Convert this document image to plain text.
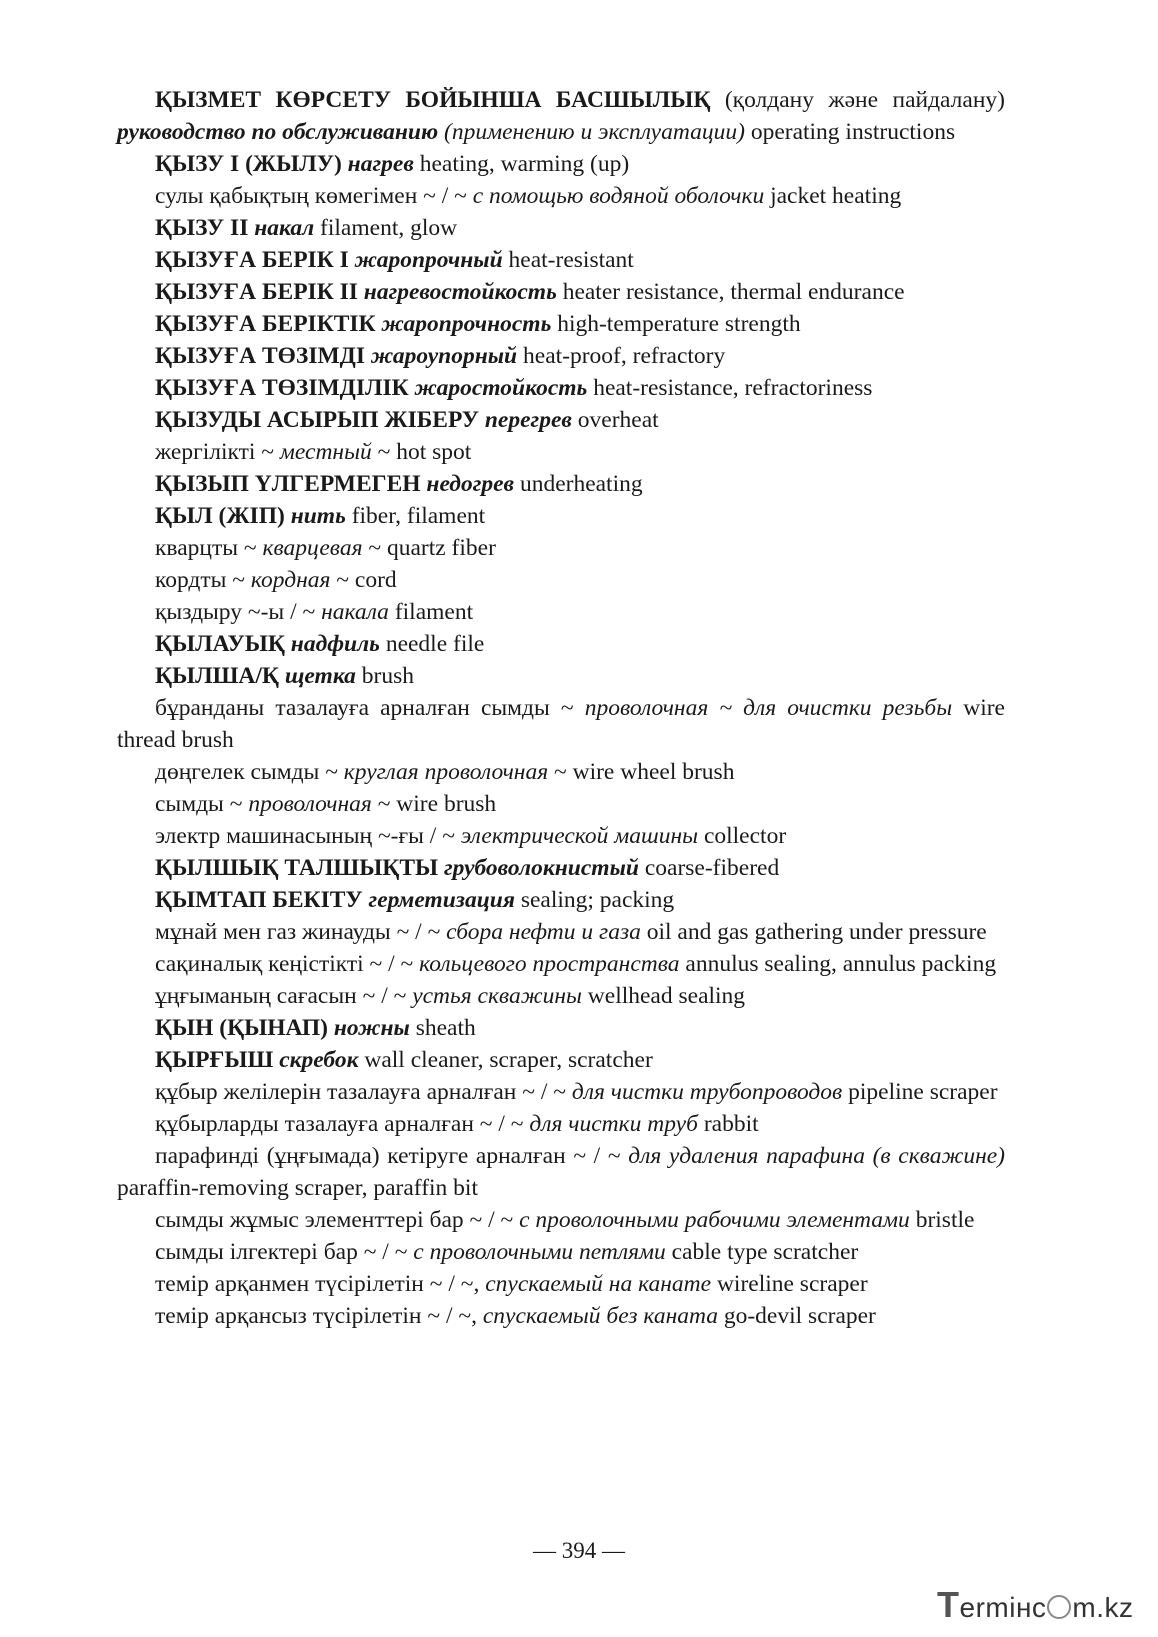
ҚЫЗМЕТ КӨРСЕТУ БОЙЫНША БАСШЫЛЫҚ (қолдану және пайдалану) руководство по обслуживанию (применению и эксплуатации) operating instructions
ҚЫЗУ I (ЖЫЛУ) нагрев heating, warming (up)
сулы қабықтың көмегімен ~ / ~ с помощью водяной оболочки jacket heating
ҚЫЗУ II накал filament, glow
ҚЫЗУҒА БЕРІК I жаропрочный heat-resistant
ҚЫЗУҒА БЕРІК II нагревостойкость heater resistance, thermal endurance
ҚЫЗУҒА БЕРІКТІК жаропрочность high-temperature strength
ҚЫЗУҒА ТӨЗІМДІ жароупорный heat-proof, refractory
ҚЫЗУҒА ТӨЗІМДІЛІК жаростойкость heat-resistance, refractoriness
ҚЫЗУДЫ АСЫРЫП ЖІБЕРУ перегрев overheat
жергілікті ~ местный ~ hot spot
ҚЫЗЫП ҮЛГЕРМЕГЕН недогрев underheating
ҚЫЛ (ЖІП) нить fiber, filament
кварцты ~ кварцевая ~ quartz fiber
кордты ~ кордная ~ cord
қыздыру ~-ы / ~ накала filament
ҚЫЛАУЫҚ надфиль needle file
ҚЫЛША/Қ щетка brush
бұранданы тазалауға арналған сымды ~ проволочная ~ для очистки резьбы wire thread brush
дөңгелек сымды ~ круглая проволочная ~ wire wheel brush
сымды ~ проволочная ~ wire brush
электр машинасының ~-ғы / ~ электрической машины collector
ҚЫЛШЫҚ ТАЛШЫҚТЫ грубоволокнистый coarse-fibered
ҚЫМТАП БЕКІТУ герметизация sealing; packing
мұнай мен газ жинауды ~ / ~ сбора нефти и газа oil and gas gathering under pressure
сақиналық кеңістікті ~ / ~ кольцевого пространства annulus sealing, annulus packing
ұңғыманың сағасын ~ / ~ устья скважины wellhead sealing
ҚЫН (ҚЫНАП) ножны sheath
ҚЫРҒЫШ скребок wall cleaner, scraper, scratcher
құбыр желілерін тазалауға арналған ~ / ~ для чистки трубопроводов pipeline scraper
құбырларды тазалауға арналған ~ / ~ для чистки труб rabbit
парафинді (ұңғымада) кетіруге арналған ~ / ~ для удаления парафина (в скважине) paraffin-removing scraper, paraffin bit
сымды жұмыс элементтері бар ~ / ~ с проволочными рабочими элементами bristle
сымды ілгектері бар ~ / ~ с проволочными петлями cable type scratcher
темір арқанмен түсірілетін ~ / ~, спускаемый на канате wireline scraper
темір арқансыз түсірілетін ~ / ~, спускаемый без каната go-devil scraper
— 394 —
Termінс m.kz
